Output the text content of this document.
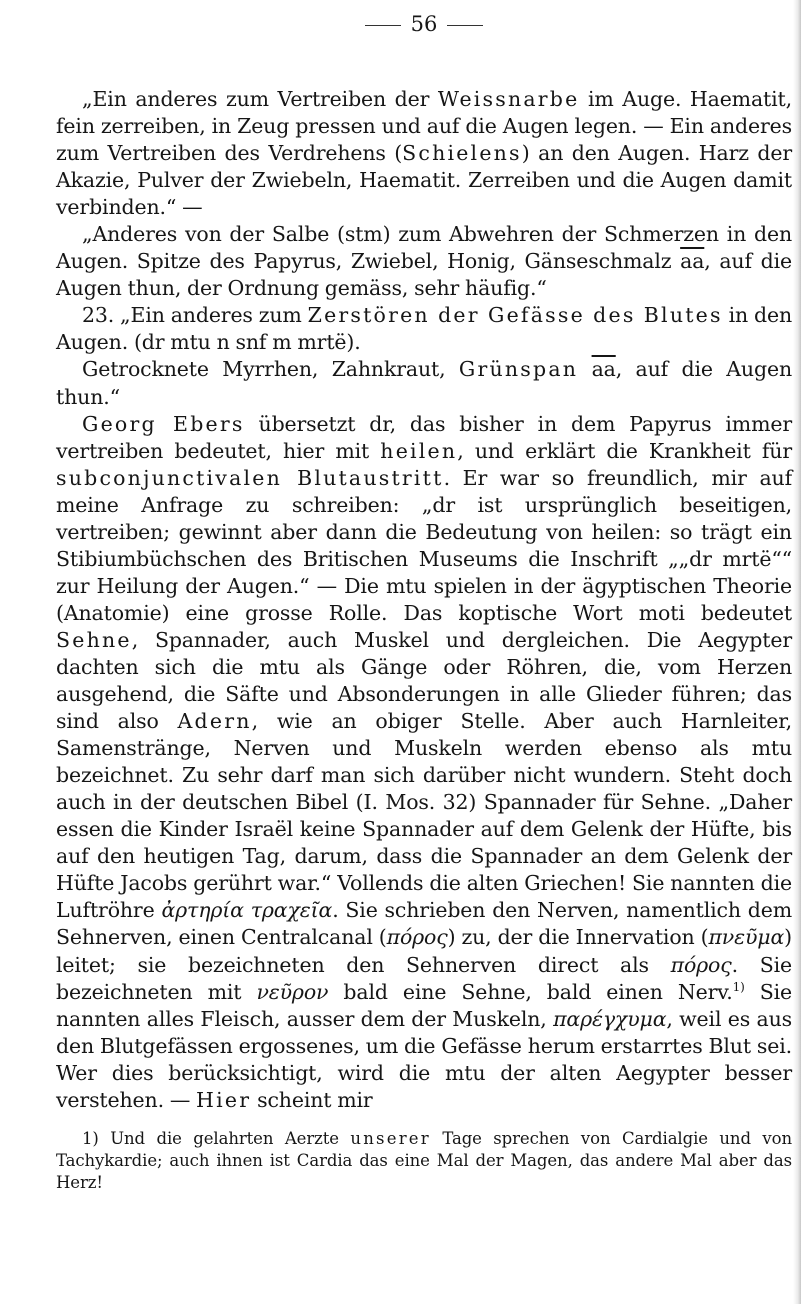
56

„Ein anderes zum Vertreiben der Weissnarbe im Auge. Haematit, fein zerreiben, in Zeug pressen und auf die Augen legen. — Ein anderes zum Vertreiben des Verdrehens (Schielens) an den Augen. Harz der Akazie, Pulver der Zwiebeln, Haematit. Zerreiben und die Augen damit verbinden.“ —

„Anderes von der Salbe (stm) zum Abwehren der Schmerzen in den Augen. Spitze des Papyrus, Zwiebel, Honig, Gänseschmalz $\overline{aa}$, auf die Augen thun, der Ordnung gemäss, sehr häufig.“

23. „Ein anderes zum Zerstören der Gefässe des Blutes in den Augen. (dr mtu n snf m mrtë).

Getrocknete Myrrhen, Zahnkraut, Grünspan $\overline{aa}$, auf die Augen thun.“

Georg Ebers übersetzt dr, das bisher in dem Papyrus immer vertreiben bedeutet, hier mit heilen, und erklärt die Krankheit für subconjunctivalen Blutaustritt. Er war so freundlich, mir auf meine Anfrage zu schreiben: „dr ist ursprünglich beseitigen, vertreiben; gewinnt aber dann die Bedeutung von heilen: so trägt ein Stibiumbüchschen des Britischen Museums die Inschrift „„dr mrtë““ zur Heilung der Augen.“ — Die mtu spielen in der ägyptischen Theorie (Anatomie) eine grosse Rolle. Das koptische Wort moti bedeutet Sehne, Spannader, auch Muskel und dergleichen. Die Aegypter dachten sich die mtu als Gänge oder Röhren, die, vom Herzen ausgehend, die Säfte und Absonderungen in alle Glieder führen; das sind also Adern, wie an obiger Stelle. Aber auch Harnleiter, Samenstränge, Nerven und Muskeln werden ebenso als mtu bezeichnet. Zu sehr darf man sich darüber nicht wundern. Steht doch auch in der deutschen Bibel (I. Mos. 32) Spannader für Sehne. „Daher essen die Kinder Israël keine Spannader auf dem Gelenk der Hüfte, bis auf den heutigen Tag, darum, dass die Spannader an dem Gelenk der Hüfte Jacobs gerührt war.“ Vollends die alten Griechen! Sie nannten die Luftröhre ἀρτηρία τραχεῖα. Sie schrieben den Nerven, namentlich dem Sehnerven, einen Centralcanal (πόρος) zu, der die Innervation (πνεῦμα) leitet; sie bezeichneten den Sehnerven direct als πόρος. Sie bezeichneten mit νεῦρον bald eine Sehne, bald einen Nerv.$^{1)}$ Sie nannten alles Fleisch, ausser dem der Muskeln, παρέγχυμα, weil es aus den Blutgefässen ergossenes, um die Gefässe herum erstarrtes Blut sei. Wer dies berücksichtigt, wird die mtu der alten Aegypter besser verstehen. — Hier scheint mir

1) Und die gelahrten Aerzte unserer Tage sprechen von Cardialgie und von Tachykardie; auch ihnen ist Cardia das eine Mal der Magen, das andere Mal aber das Herz!
